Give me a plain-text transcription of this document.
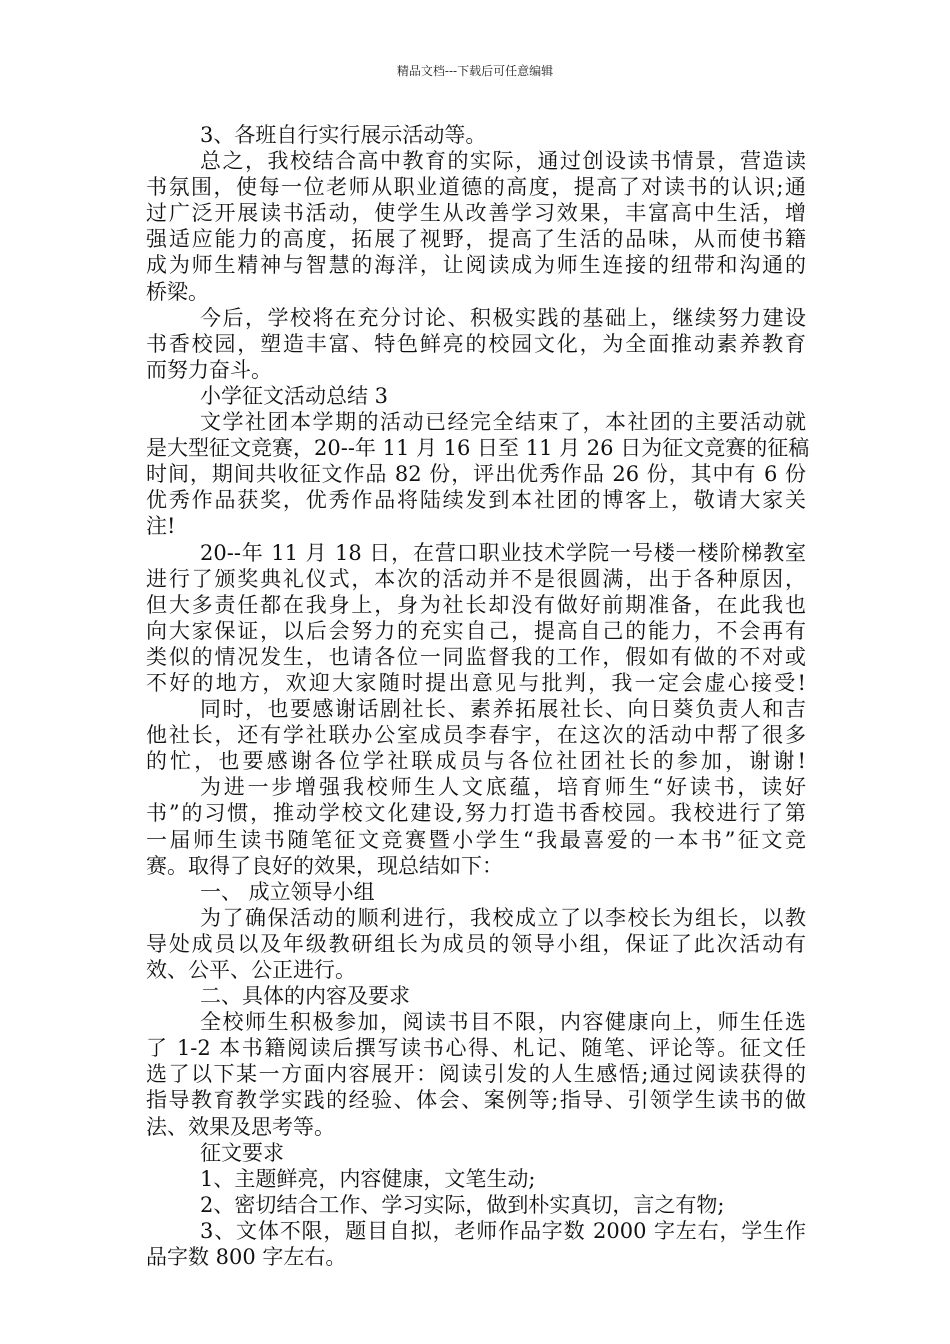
精品文档---下载后可任意编辑
3、各班自行实行展示活动等。
总之，我校结合高中教育的实际，通过创设读书情景，营造读
书氛围，使每一位老师从职业道德的高度，提高了对读书的认识;通
过广泛开展读书活动，使学生从改善学习效果，丰富高中生活，增
强适应能力的高度，拓展了视野，提高了生活的品味，从而使书籍
成为师生精神与智慧的海洋，让阅读成为师生连接的纽带和沟通的
桥梁。
今后，学校将在充分讨论、积极实践的基础上，继续努力建设
书香校园，塑造丰富、特色鲜亮的校园文化，为全面推动素养教育
而努力奋斗。
小学征文活动总结 3
文学社团本学期的活动已经完全结束了，本社团的主要活动就
是大型征文竞赛，20--年 11 月 16 日至 11 月 26 日为征文竞赛的征稿
时间，期间共收征文作品 82 份，评出优秀作品 26 份，其中有 6 份
优秀作品获奖，优秀作品将陆续发到本社团的博客上，敬请大家关
注!
20--年 11 月 18 日，在营口职业技术学院一号楼一楼阶梯教室
进行了颁奖典礼仪式，本次的活动并不是很圆满，出于各种原因，
但大多责任都在我身上，身为社长却没有做好前期准备，在此我也
向大家保证，以后会努力的充实自己，提高自己的能力，不会再有
类似的情况发生，也请各位一同监督我的工作，假如有做的不对或
不好的地方，欢迎大家随时提出意见与批判，我一定会虚心接受!
同时，也要感谢话剧社长、素养拓展社长、向日葵负责人和吉
他社长，还有学社联办公室成员李春宇，在这次的活动中帮了很多
的忙，也要感谢各位学社联成员与各位社团社长的参加，谢谢!
为进一步增强我校师生人文底蕴，培育师生“好读书，读好
书”的习惯，推动学校文化建设,努力打造书香校园。我校进行了第
一届师生读书随笔征文竞赛暨小学生“我最喜爱的一本书”征文竞
赛。取得了良好的效果，现总结如下：
一、 成立领导小组
为了确保活动的顺利进行，我校成立了以李校长为组长，以教
导处成员以及年级教研组长为成员的领导小组，保证了此次活动有
效、公平、公正进行。
二、具体的内容及要求
全校师生积极参加，阅读书目不限，内容健康向上，师生任选
了 1-2 本书籍阅读后撰写读书心得、札记、随笔、评论等。征文任
选了以下某一方面内容展开：阅读引发的人生感悟;通过阅读获得的
指导教育教学实践的经验、体会、案例等;指导、引领学生读书的做
法、效果及思考等。
征文要求
1、主题鲜亮，内容健康，文笔生动;
2、密切结合工作、学习实际，做到朴实真切，言之有物;
3、文体不限，题目自拟，老师作品字数 2000 字左右，学生作
品字数 800 字左右。
